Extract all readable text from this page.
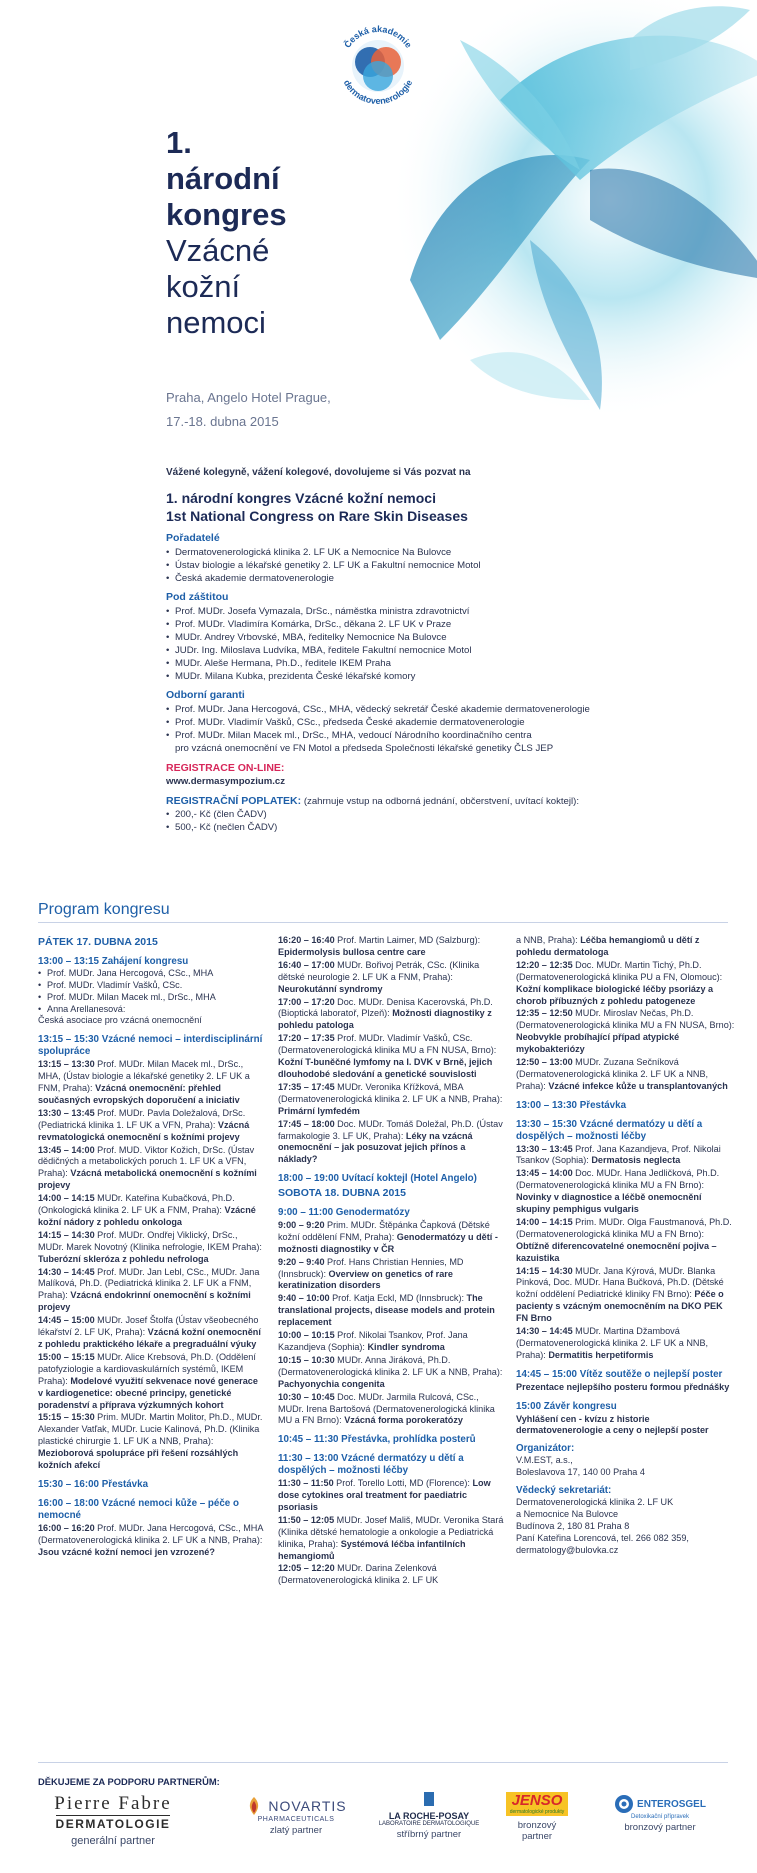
Česká akademie
dermatovenerologie
1.
národní
kongres
Vzácné
kožní
nemoci
Praha, Angelo Hotel Prague,
17.-18. dubna 2015
Vážené kolegyně, vážení kolegové, dovolujeme si Vás pozvat na
1. národní kongres Vzácné kožní nemoci
1st National Congress on Rare Skin Diseases
Pořadatelé
• Dermatovenerologická klinika 2. LF UK a Nemocnice Na Bulovce
• Ústav biologie a lékařské genetiky 2. LF UK a Fakultní nemocnice Motol
• Česká akademie dermatovenerologie
Pod záštitou
• Prof. MUDr. Josefa Vymazala, DrSc., náměstka ministra zdravotnictví
• Prof. MUDr. Vladimíra Komárka, DrSc., děkana 2. LF UK v Praze
• MUDr. Andrey Vrbovské, MBA, ředitelky Nemocnice Na Bulovce
• JUDr. Ing. Miloslava Ludvíka, MBA, ředitele Fakultní nemocnice Motol
• MUDr. Aleše Hermana, Ph.D., ředitele IKEM Praha
• MUDr. Milana Kubka, prezidenta České lékařské komory
Odborní garanti
• Prof. MUDr. Jana Hercogová, CSc., MHA, vědecký sekretář České akademie dermatovenerologie
• Prof. MUDr. Vladimír Vašků, CSc., předseda České akademie dermatovenerologie
• Prof. MUDr. Milan Macek ml., DrSc., MHA, vedoucí Národního koordinačního centra
pro vzácná onemocnění ve FN Motol a předseda Společnosti lékařské genetiky ČLS JEP
REGISTRACE ON-LINE:
www.dermasympozium.cz
REGISTRAČNÍ POPLATEK: (zahrnuje vstup na odborná jednání, občerstvení, uvítací koktejl):
• 200,- Kč (člen ČADV)
• 500,- Kč (nečlen ČADV)
Program kongresu
PÁTEK 17. DUBNA 2015
13:00 – 13:15 Zahájení kongresu
• Prof. MUDr. Jana Hercogová, CSc., MHA
• Prof. MUDr. Vladimír Vašků, CSc.
• Prof. MUDr. Milan Macek ml., DrSc., MHA
• Anna Arellanesová:
Česká asociace pro vzácná onemocnění
13:15 – 15:30 Vzácné nemoci – interdisciplinární spolupráce
13:15 – 13:30 Prof. MUDr. Milan Macek ml., DrSc., MHA, (Ústav biologie a lékařské genetiky 2. LF UK a FNM, Praha): Vzácná onemocnění: přehled současných evropských doporučení a iniciativ
13:30 – 13:45 Prof. MUDr. Pavla Doležalová, DrSc. (Pediatrická klinika 1. LF UK a VFN, Praha): Vzácná revmatologická onemocnění s kožními projevy
13:45 – 14:00 Prof. MUD. Viktor Kožich, DrSc. (Ústav dědičných a metabolických poruch 1. LF UK a VFN, Praha): Vzácná metabolická onemocnění s kožními projevy
14:00 – 14:15 MUDr. Kateřina Kubačková, Ph.D. (Onkologická klinika 2. LF UK a FNM, Praha): Vzácné kožní nádory z pohledu onkologa
14:15 – 14:30 Prof. MUDr. Ondřej Viklický, DrSc., MUDr. Marek Novotný (Klinika nefrologie, IKEM Praha): Tuberózní skleróza z pohledu nefrologa
14:30 – 14:45 Prof. MUDr. Jan Lebl, CSc., MUDr. Jana Malíková, Ph.D. (Pediatrická klinika 2. LF UK a FNM, Praha): Vzácná endokrinní onemocnění s kožními projevy
14:45 – 15:00 MUDr. Josef Štolfa (Ústav všeobecného lékařství 2. LF UK, Praha): Vzácná kožní onemocnění z pohledu praktického lékaře a pregraduální výuky
15:00 – 15:15 MUDr. Alice Krebsová, Ph.D. (Oddělení patofyziologie a kardiovaskulárních systémů, IKEM Praha): Modelové využití sekvenace nové generace v kardiogenetice: obecné principy, genetické poradenství a příprava výzkumných kohort
15:15 – 15:30 Prim. MUDr. Martin Molitor, Ph.D., MUDr. Alexander Vatľak, MUDr. Lucie Kalinová, Ph.D. (Klinika plastické chirurgie 1. LF UK a NNB, Praha): Mezioborová spolupráce při řešení rozsáhlých kožních afekcí
15:30 – 16:00 Přestávka
16:00 – 18:00 Vzácné nemoci kůže – péče o nemocné
16:00 – 16:20 Prof. MUDr. Jana Hercogová, CSc., MHA (Dermatovenerologická klinika 2. LF UK a NNB, Praha): Jsou vzácné kožní nemoci jen vzrozené?
16:20 – 16:40 Prof. Martin Laimer, MD (Salzburg): Epidermolysis bullosa centre care
16:40 – 17:00 MUDr. Bořivoj Petrák, CSc. (Klinika dětské neurologie 2. LF UK a FNM, Praha): Neurokutánní syndromy
17:00 – 17:20 Doc. MUDr. Denisa Kacerovská, Ph.D. (Bioptická laboratoř, Plzeň): Možnosti diagnostiky z pohledu patologa
17:20 – 17:35 Prof. MUDr. Vladimír Vašků, CSc. (Dermatovenerologická klinika MU a FN NUSA, Brno): Kožní T-buněčné lymfomy na I. DVK v Brně, jejich dlouhodobé sledování a genetické souvislosti
17:35 – 17:45 MUDr. Veronika Křížková, MBA (Dermatovenerologická klinika 2. LF UK a NNB, Praha): Primární lymfedém
17:45 – 18:00 Doc. MUDr. Tomáš Doležal, Ph.D. (Ústav farmakologie 3. LF UK, Praha): Léky na vzácná onemocnění – jak posuzovat jejich přínos a náklady?
18:00 – 19:00 Uvítací koktejl (Hotel Angelo)
SOBOTA 18. DUBNA 2015
9:00 – 11:00 Genodermatózy
9:00 – 9:20 Prim. MUDr. Štěpánka Čapková (Dětské kožní oddělení FNM, Praha): Genodermatózy u dětí - možnosti diagnostiky v ČR
9:20 – 9:40 Prof. Hans Christian Hennies, MD (Innsbruck): Overview on genetics of rare keratinization disorders
9:40 – 10:00 Prof. Katja Eckl, MD (Innsbruck): The translational projects, disease models and protein replacement
10:00 – 10:15 Prof. Nikolai Tsankov, Prof. Jana Kazandjeva (Sophia): Kindler syndroma
10:15 – 10:30 MUDr. Anna Jiráková, Ph.D. (Dermatovenerologická klinika 2. LF UK a NNB, Praha): Pachyonychia congenita
10:30 – 10:45 Doc. MUDr. Jarmila Rulcová, CSc., MUDr. Irena Bartošová (Dermatovenerologická klinika MU a FN Brno): Vzácná forma porokeratózy
10:45 – 11:30 Přestávka, prohlídka posterů
11:30 – 13:00 Vzácné dermatózy u dětí a dospělých – možnosti léčby
11:30 – 11:50 Prof. Torello Lotti, MD (Florence): Low dose cytokines oral treatment for paediatric psoriasis
11:50 – 12:05 MUDr. Josef Mališ, MUDr. Veronika Stará (Klinika dětské hematologie a onkologie a Pediatrická klinika, Praha): Systémová léčba infantilních hemangiomů
12:05 – 12:20 MUDr. Darina Zelenková (Dermatovenerologická klinika 2. LF UK
a NNB, Praha): Léčba hemangiomů u dětí z pohledu dermatologa
12:20 – 12:35 Doc. MUDr. Martin Tichý, Ph.D. (Dermatovenerologická klinika PU a FN, Olomouc): Kožní komplikace biologické léčby psoriázy a chorob příbuzných z pohledu patogeneze
12:35 – 12:50 MUDr. Miroslav Nečas, Ph.D. (Dermatovenerologická klinika MU a FN NUSA, Brno): Neobvykle probíhající případ atypické mykobakteriózy
12:50 – 13:00 MUDr. Zuzana Sečníková (Dermatovenerologická klinika 2. LF UK a NNB, Praha): Vzácné infekce kůže u transplantovaných
13:00 – 13:30 Přestávka
13:30 – 15:30 Vzácné dermatózy u dětí a dospělých – možnosti léčby
13:30 – 13:45 Prof. Jana Kazandjeva, Prof. Nikolai Tsankov (Sophia): Dermatosis neglecta
13:45 – 14:00 Doc. MUDr. Hana Jedličková, Ph.D. (Dermatovenerologická klinika MU a FN Brno): Novinky v diagnostice a léčbě onemocnění skupiny pemphigus vulgaris
14:00 – 14:15 Prim. MUDr. Olga Faustmanová, Ph.D. (Dermatovenerologická klinika MU a FN Brno): Obtížně diferencovatelné onemocnění pojiva – kazuistika
14:15 – 14:30 MUDr. Jana Kýrová, MUDr. Blanka Pinková, Doc. MUDr. Hana Bučková, Ph.D. (Dětské kožní oddělení Pediatrické kliniky FN Brno): Péče o pacienty s vzácným onemocněním na DKO PEK FN Brno
14:30 – 14:45 MUDr. Martina Džambová (Dermatovenerologická klinika 2. LF UK a NNB, Praha): Dermatitis herpetiformis
14:45 – 15:00 Vítěz soutěže o nejlepší poster
Prezentace nejlepšího posteru formou přednášky
15:00 Závěr kongresu
Vyhlášení cen - kvízu z historie dermatovenerologie a ceny o nejlepší poster
Organizátor:
V.M.EST, a.s.,
Boleslavova 17, 140 00 Praha 4
Vědecký sekretariát:
Dermatovenerologická klinika 2. LF UK
a Nemocnice Na Bulovce
Budínova 2, 180 81 Praha 8
Paní Kateřina Lorencová, tel. 266 082 359,
dermatology@bulovka.cz
DĚKUJEME ZA PODPORU PARTNERŮM:
Pierre Fabre
DERMATOLOGIE
generální partner
NOVARTIS
PHARMACEUTICALS
zlatý partner
LA ROCHE-POSAY
LABORATOIRE DERMATOLOGIQUE
stříbrný partner
JENSO
dermatologické produkty
bronzový partner
ENTEROSGEL
Detoxikační přípravek
bronzový partner
